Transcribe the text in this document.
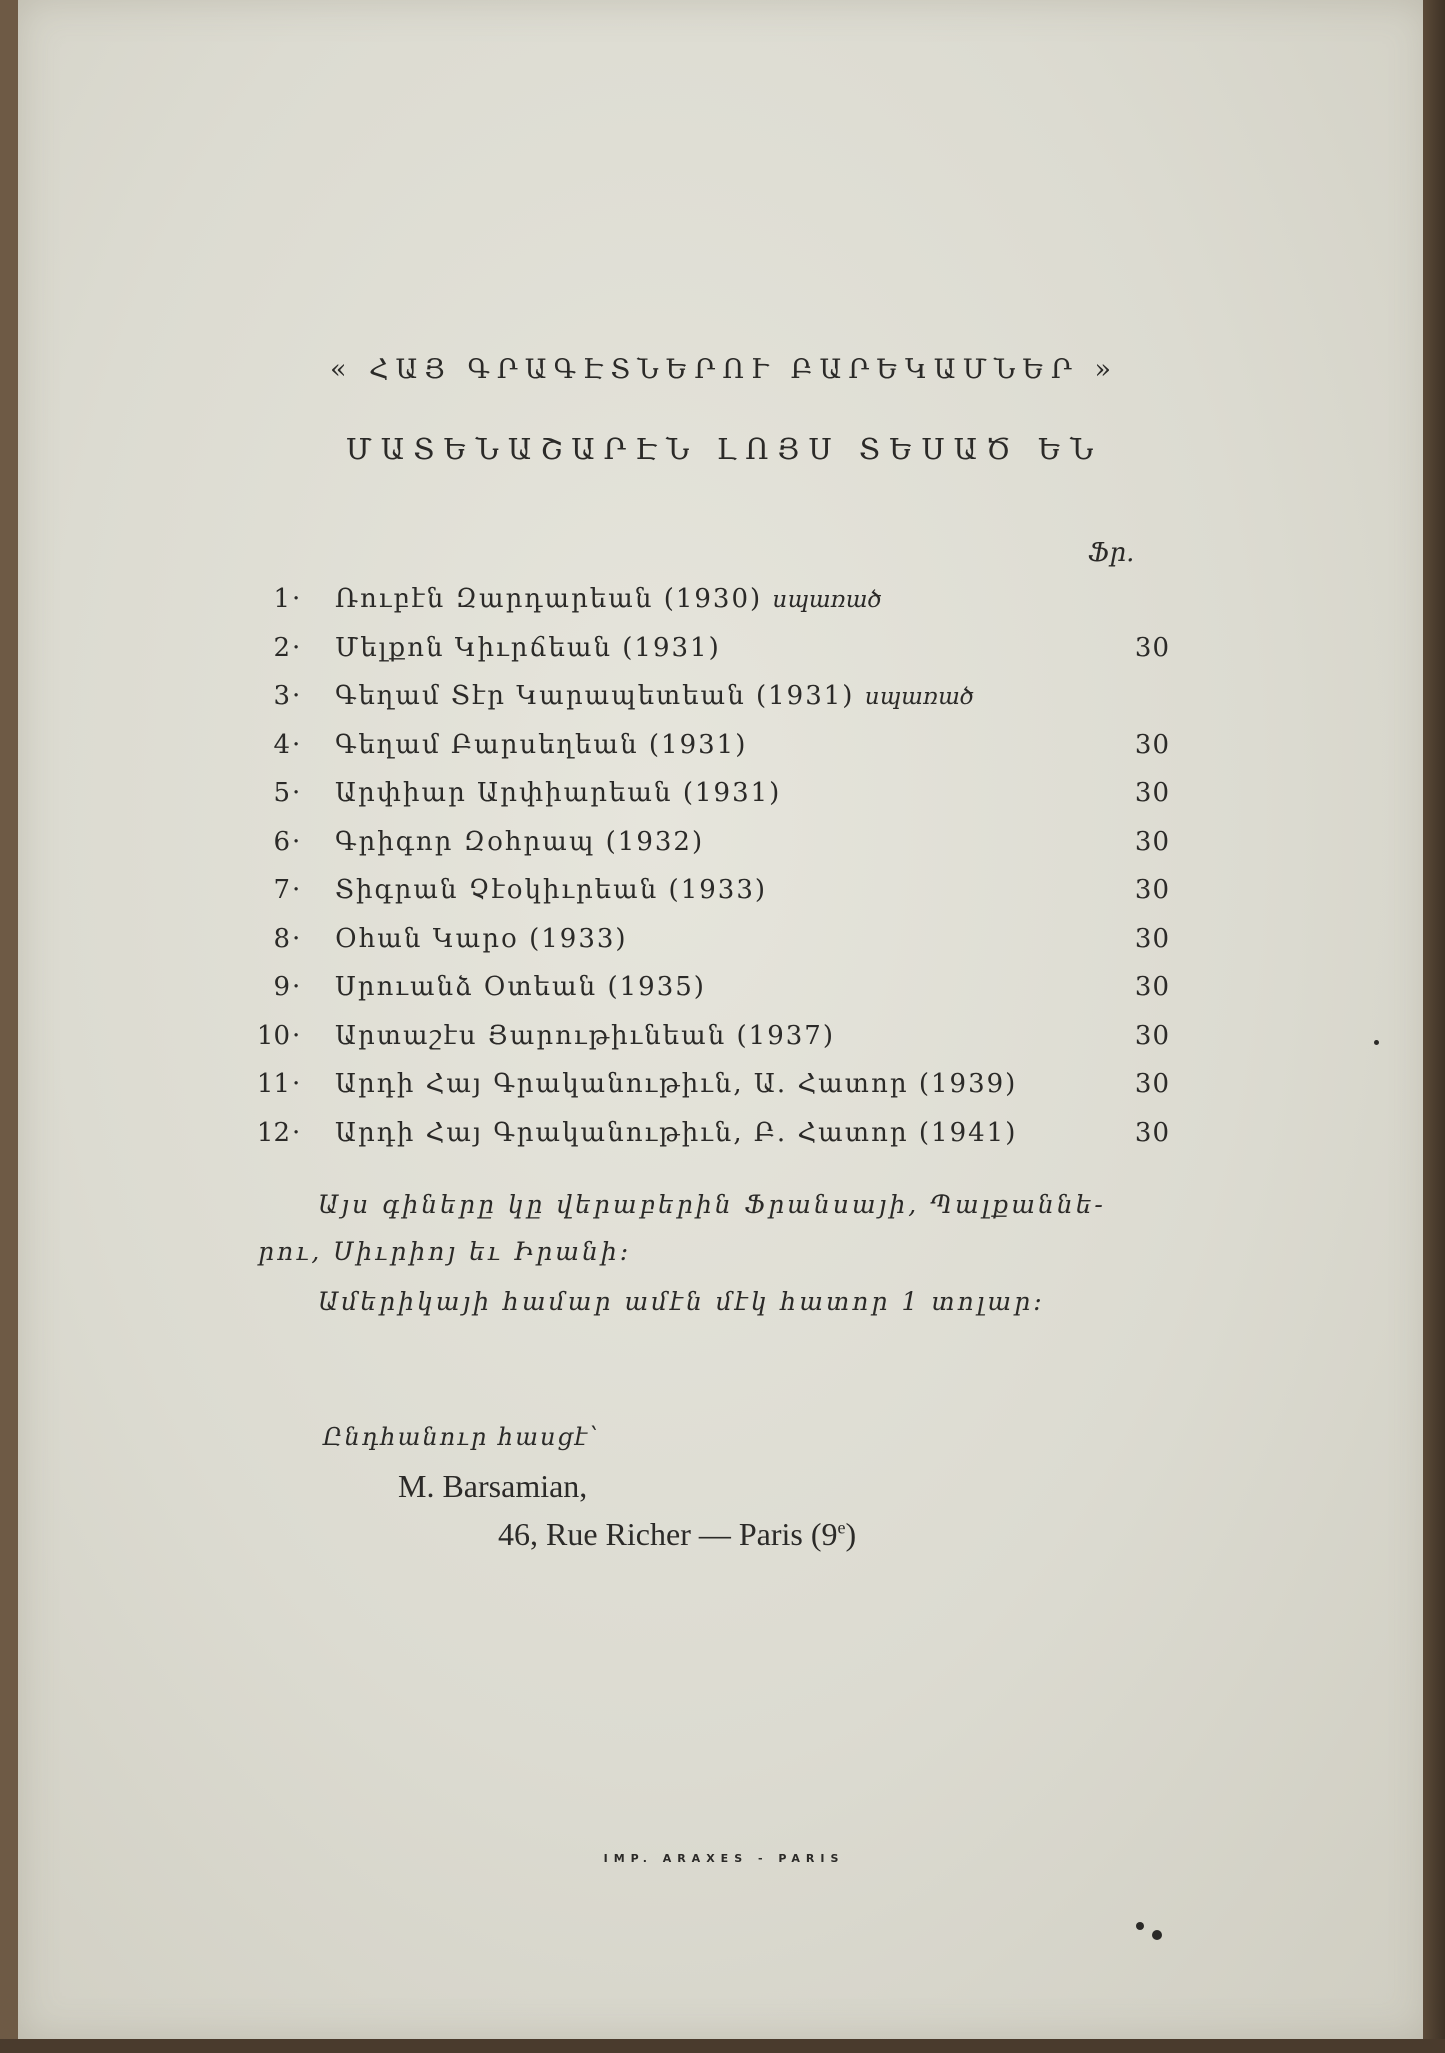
« ՀԱՅ ԳՐԱԳԷՏՆԵՐՈՒ ԲԱՐԵԿԱՄՆԵՐ »
ՄԱՏԵՆԱՇԱՐԷՆ ԼՈՅՍ ՏԵՍԱԾ ԵՆ
Ֆր.
1 · Ռուբէն Զարդարեան (1930) սպառած
2 · Մելքոն Կիւրճեան (1931)	30
3 · Գեղամ Տէր Կարապետեան (1931) սպառած
4 · Գեղամ Բարսեղեան (1931)	30
5 · Արփիար Արփիարեան (1931)	30
6 · Գրիգոր Զօհրապ (1932)	30
7 · Տիգրան Չէօկիւրեան (1933)	30
8 · Օհան Կարօ (1933)	30
9 · Սրուանձ Օտեան (1935)	30
10 · Արտաշէս Յարութիւնեան (1937)	30
11 · Արդի Հայ Գրականութիւն, Ա. Հատոր (1939)	30
12 · Արդի Հայ Գրականութիւն, Բ. Հատոր (1941)	30
Այս գիները կը վերաբերին Ֆրանսայի, Պալքաննե-
րու, Սիւրիոյ եւ Իրանի։
Ամերիկայի համար ամէն մէկ հատոր 1 տոլար։
Ընդհանուր հասցէ՝
M. Barsamian,
46, Rue Richer — Paris (9e)
IMP. ARAXES - PARIS
